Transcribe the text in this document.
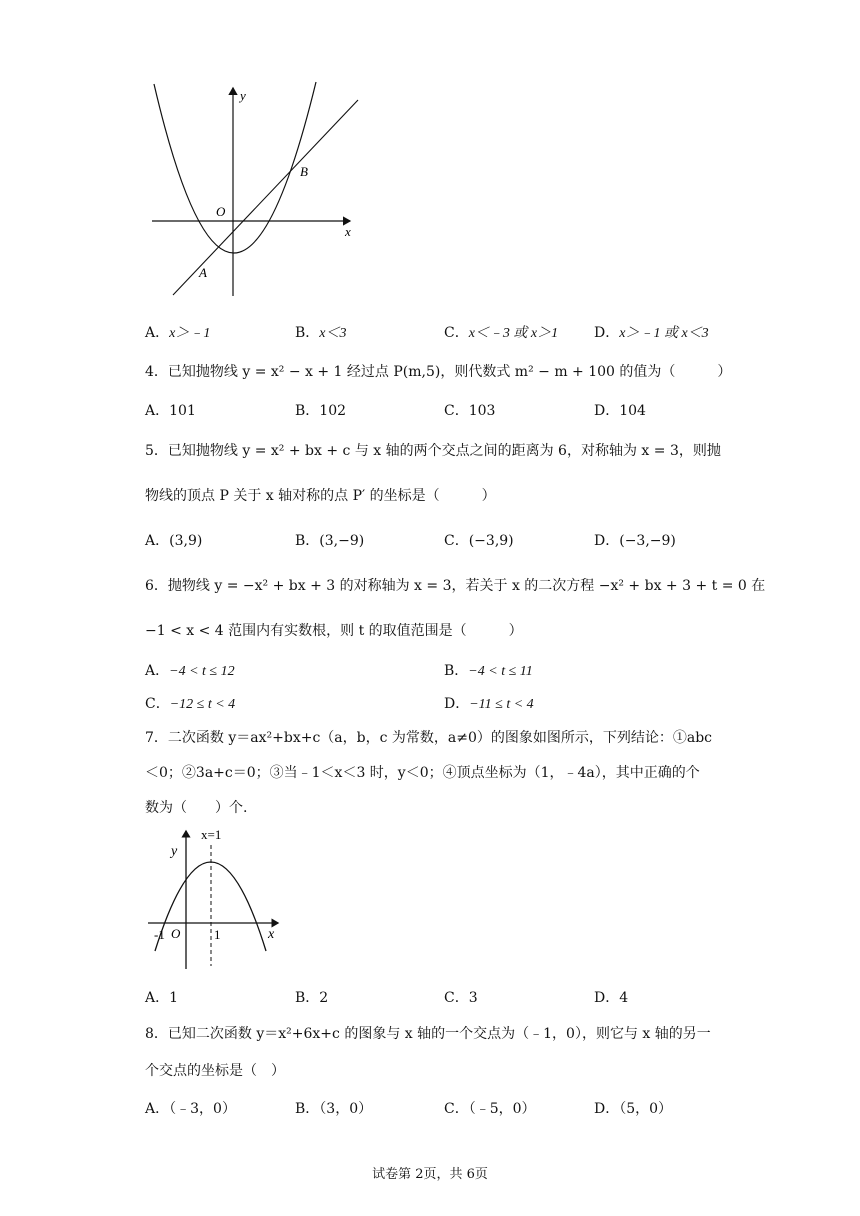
y
x
O
A
B
A．x＞﹣1	B．x＜3	C．x＜﹣3 或 x＞1	D．x＞﹣1 或 x＜3
4．已知抛物线 y = x² − x + 1 经过点 P(m,5)，则代数式 m² − m + 100 的值为（　　　）
A．101	B．102	C．103	D．104
5．已知抛物线 y = x² + bx + c 与 x 轴的两个交点之间的距离为 6，对称轴为 x = 3，则抛
物线的顶点 P 关于 x 轴对称的点 P′ 的坐标是（　　　）
A．(3,9)	B．(3,−9)	C．(−3,9)	D．(−3,−9)
6．抛物线 y = −x² + bx + 3 的对称轴为 x = 3，若关于 x 的二次方程 −x² + bx + 3 + t = 0 在
−1 < x < 4 范围内有实数根，则 t 的取值范围是（　　　）
A．−4 < t ≤ 12	B．−4 < t ≤ 11
C．−12 ≤ t < 4	D．−11 ≤ t < 4
7．二次函数 y＝ax²+bx+c（a，b，c 为常数，a≠0）的图象如图所示，下列结论：①abc
＜0；②3a+c＝0；③当﹣1＜x＜3 时，y＜0；④顶点坐标为（1，﹣4a），其中正确的个
数为（　　）个.
x=1
y
x
O
-1	1
A．1	B．2	C．3	D．4
8．已知二次函数 y＝x²+6x+c 的图象与 x 轴的一个交点为（﹣1，0），则它与 x 轴的另一
个交点的坐标是（　）
A．（﹣3，0）	B．（3，0）	C．（﹣5，0）	D．（5，0）
试卷第 2页，共 6页
